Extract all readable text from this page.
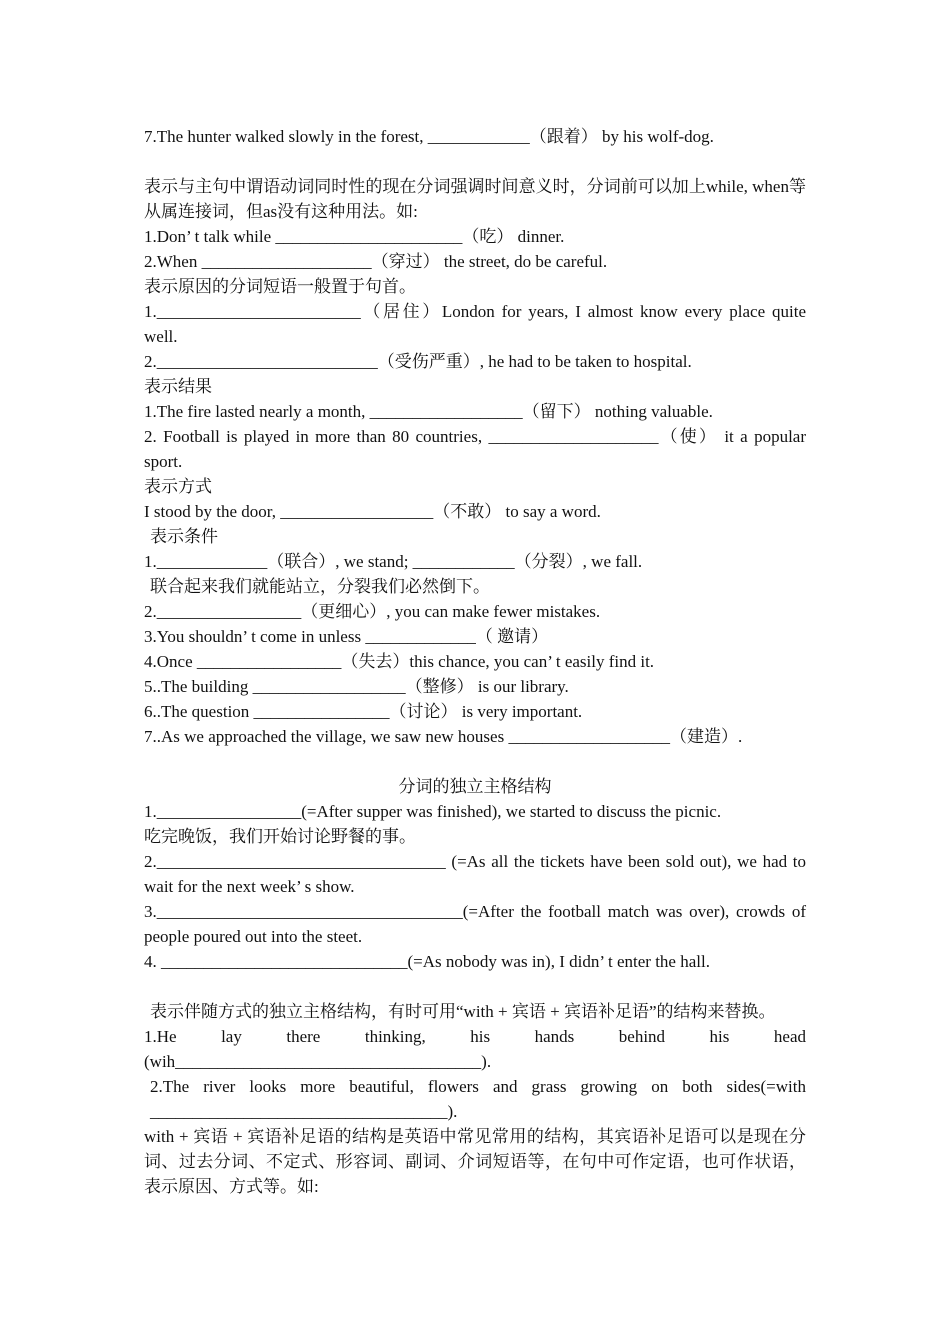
7.The hunter walked slowly in the forest, ____________（跟着） by his wolf-dog.
表示与主句中谓语动词同时性的现在分词强调时间意义时，分词前可以加上while, when等从属连接词，但as没有这种用法。如:
1.Don’ t talk while ______________________（吃） dinner.
2.When ____________________（穿过） the street, do be careful.
表示原因的分词短语一般置于句首。
1.________________________（居住）London for years, I almost know every place quite well.
2.__________________________（受伤严重）, he had to be taken to hospital.
表示结果
1.The fire lasted nearly a month, __________________（留下） nothing valuable.
2. Football is played in more than 80 countries, ____________________（使） it a popular sport.
表示方式
I stood by the door, __________________（不敢） to say a word.
表示条件
1._____________（联合）, we stand; ____________（分裂）, we fall.
联合起来我们就能站立，分裂我们必然倒下。
2._________________（更细心）, you can make fewer mistakes.
3.You shouldn’ t come in unless _____________（ 邀请）
4.Once _________________（失去）this chance, you can’ t easily find it.
5..The building __________________（整修） is our library.
6..The question ________________（讨论） is very important.
7..As we approached the village, we saw new houses ___________________（建造）.
分词的独立主格结构
1._________________(=After supper was finished), we started to discuss the picnic.
吃完晚饭，我们开始讨论野餐的事。
2.__________________________________ (=As all the tickets have been sold out), we had to wait for the next week’ s show.
3.____________________________________(=After the football match was over), crowds of people poured out into the steet.
4. _____________________________(=As nobody was in), I didn’ t enter the hall.
表示伴随方式的独立主格结构，有时可用“with + 宾语 + 宾语补足语”的结构来替换。
1.He lay there thinking, his hands behind his head
(wih____________________________________).
2.The river looks more beautiful, flowers and grass growing on both sides(=with ___________________________________).
with + 宾语 + 宾语补足语的结构是英语中常见常用的结构，其宾语补足语可以是现在分词、过去分词、不定式、形容词、副词、介词短语等，在句中可作定语，也可作状语，表示原因、方式等。如:
